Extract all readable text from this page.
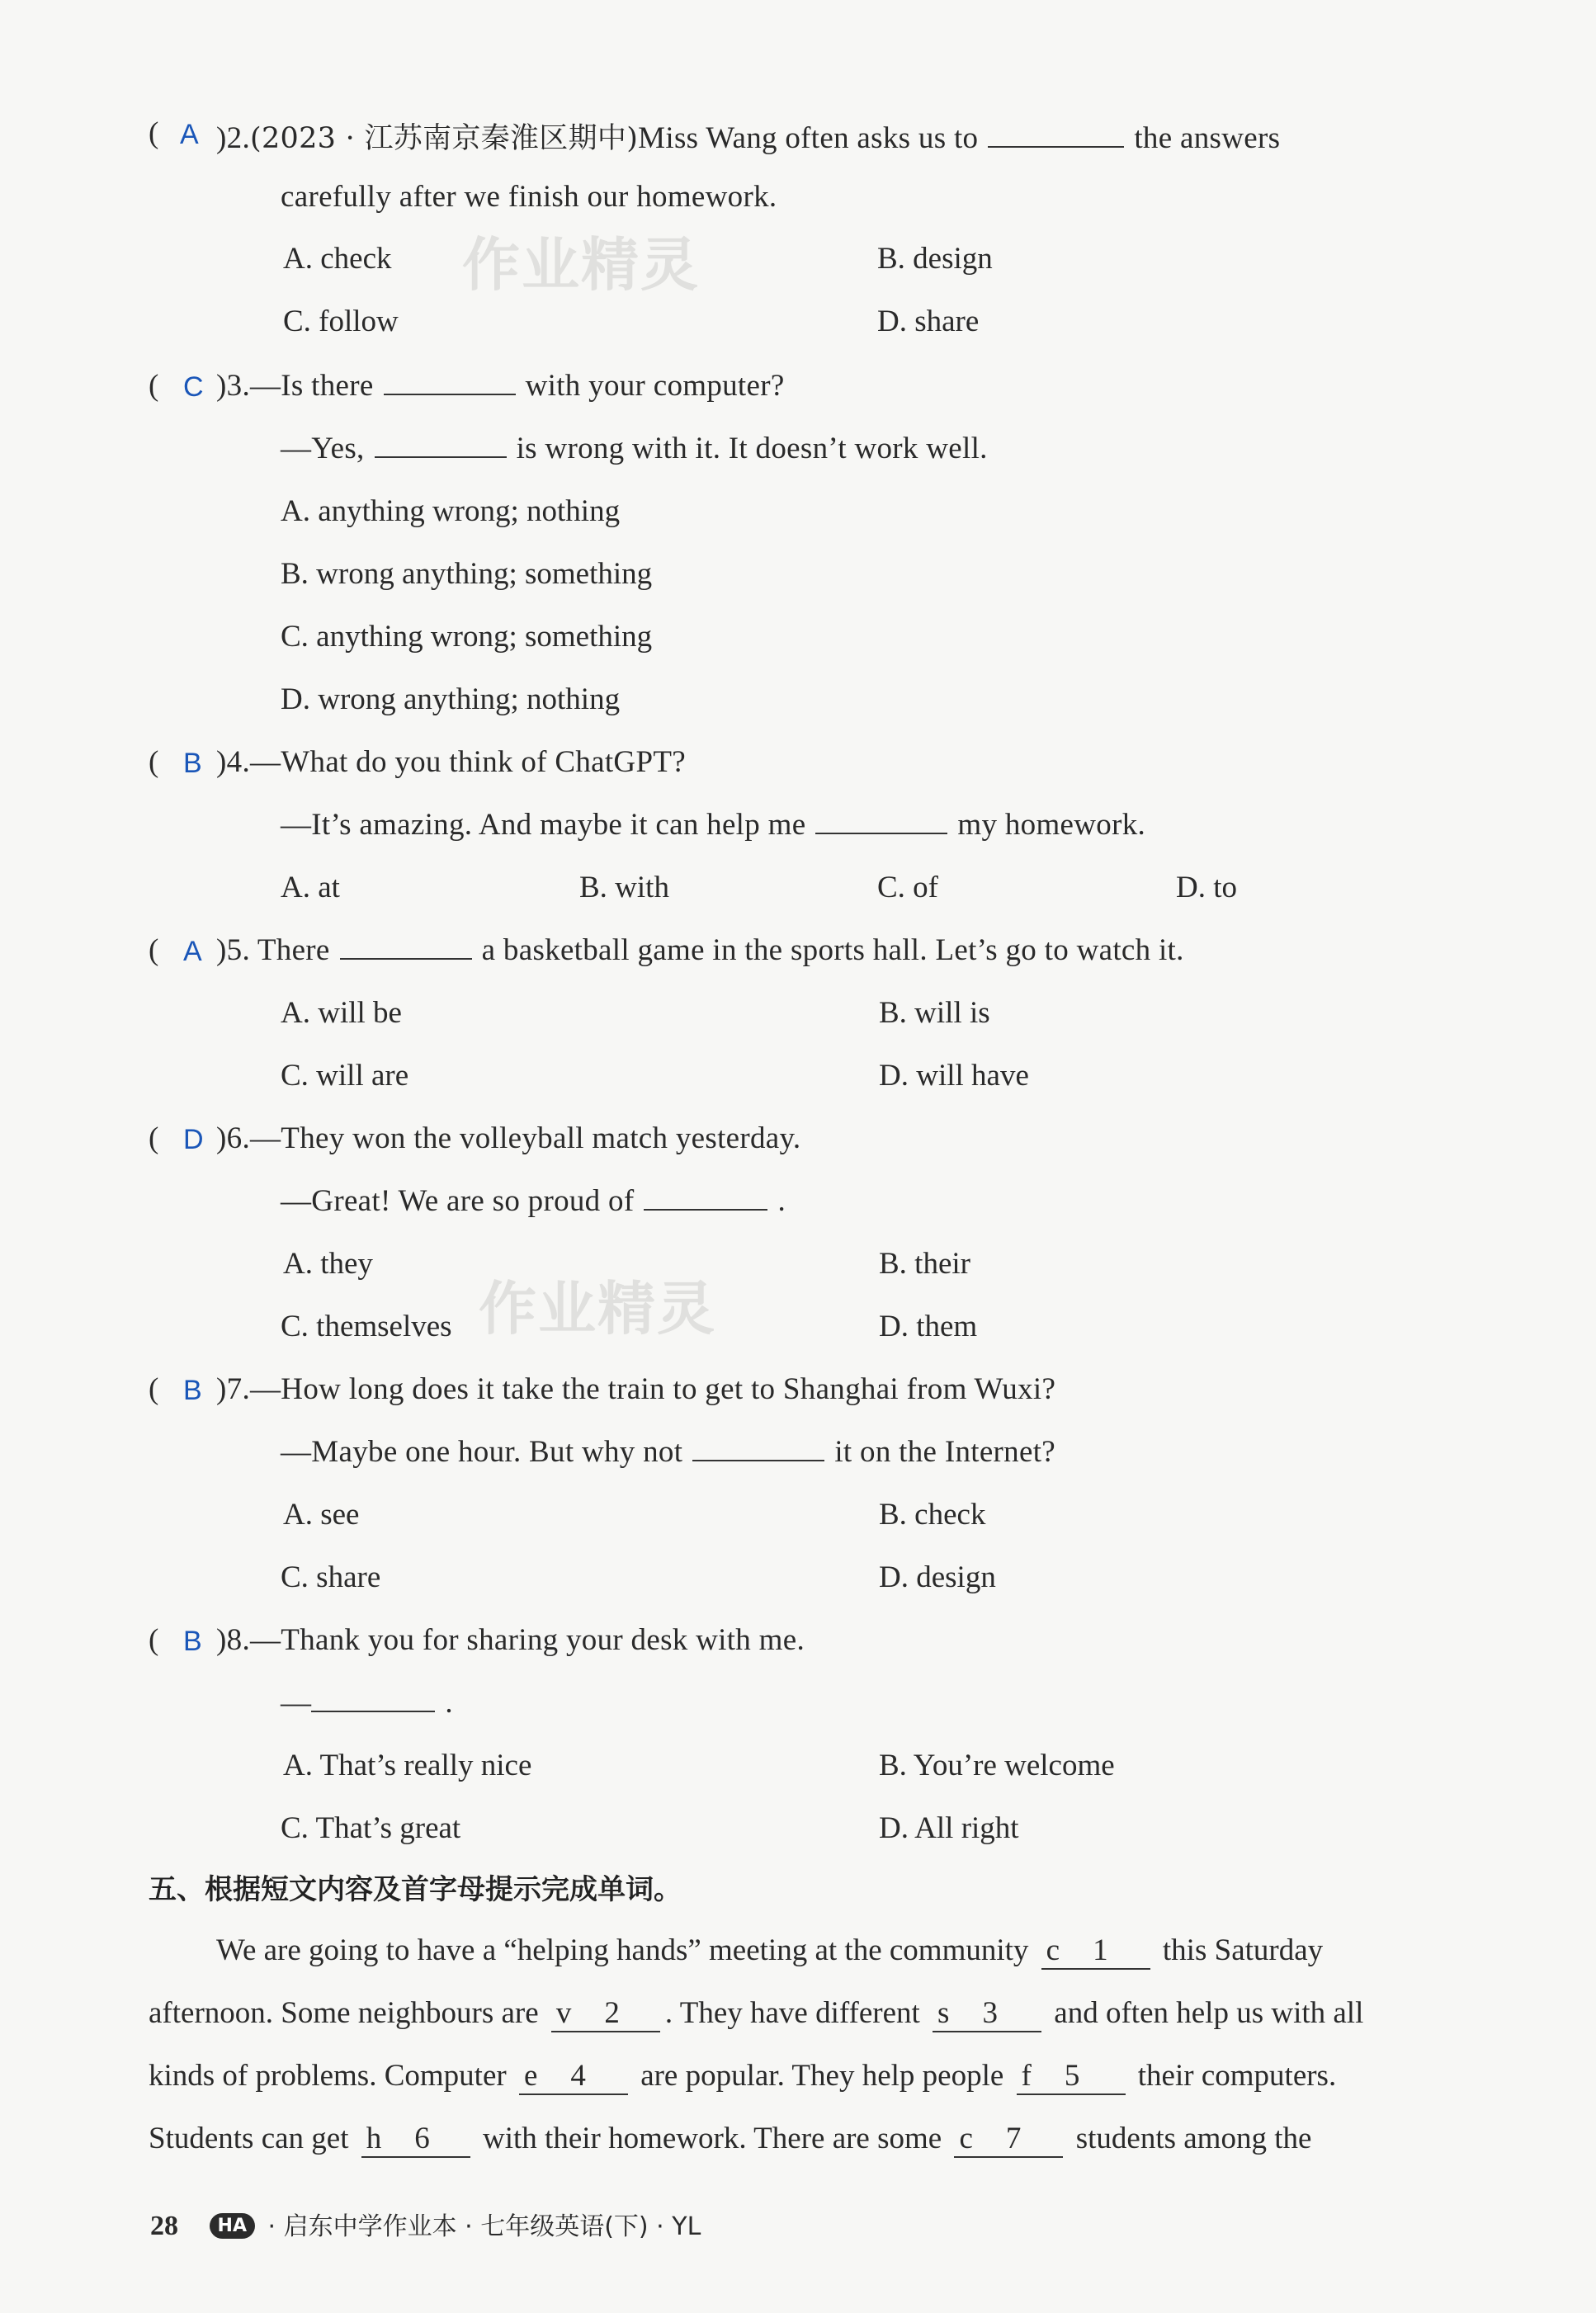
( A )2.(2023 · 江苏南京秦淮区期中)Miss Wang often asks us to	the answers
carefully after we finish our homework.
A. check	B. design
C. follow	D. share
作业精灵
( C )3.—Is there	with your computer?
—Yes,	is wrong with it. It doesn’t work well.
A. anything wrong; nothing
B. wrong anything; something
C. anything wrong; something
D. wrong anything; nothing
( B )4.—What do you think of ChatGPT?
—It’s amazing. And maybe it can help me	my homework.
A. at	B. with	C. of	D. to
( A )5. There	a basketball game in the sports hall. Let’s go to watch it.
A. will be	B. will is
C. will are	D. will have
( D )6.—They won the volleyball match yesterday.
—Great! We are so proud of	.
A. they	B. their
C. themselves	D. them
作业精灵
( B )7.—How long does it take the train to get to Shanghai from Wuxi?
—Maybe one hour. But why not	it on the Internet?
A. see	B. check
C. share	D. design
( B )8.—Thank you for sharing your desk with me.
—	.
A. That’s really nice	B. You’re welcome
C. That’s great	D. All right
五、根据短文内容及首字母提示完成单词。
We are going to have a “helping hands” meeting at the community c 1 this Saturday
afternoon. Some neighbours are v 2 . They have different s 3 and often help us with all
kinds of problems. Computer e 4 are popular. They help people f 5 their computers.
Students can get h 6 with their homework. There are some c 7 students among the
28 HA · 启东中学作业本 · 七年级英语(下) · YL
